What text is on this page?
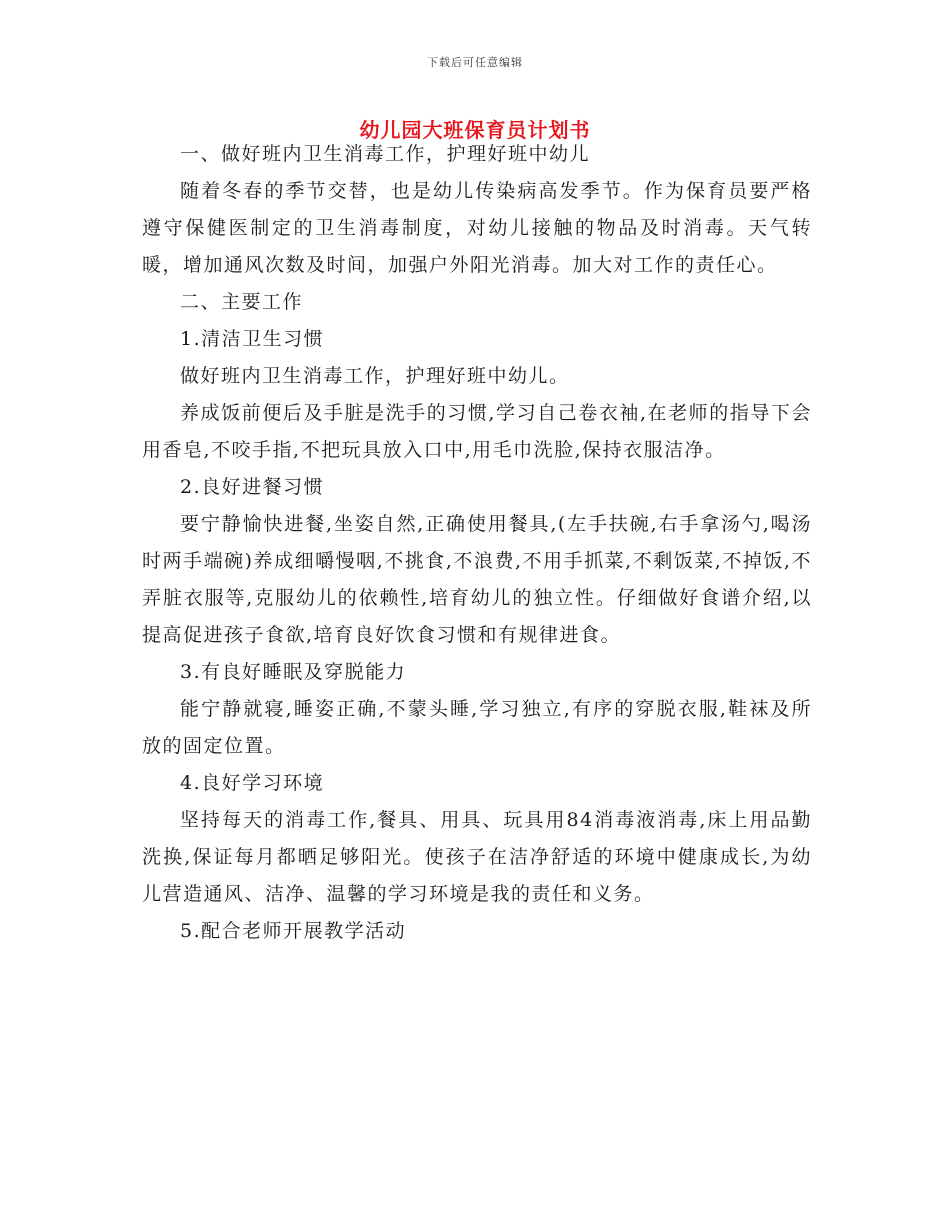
下载后可任意编辑
幼儿园大班保育员计划书

一、做好班内卫生消毒工作，护理好班中幼儿

随着冬春的季节交替，也是幼儿传染病高发季节。作为保育员要严格遵守保健医制定的卫生消毒制度，对幼儿接触的物品及时消毒。天气转暖，增加通风次数及时间，加强户外阳光消毒。加大对工作的责任心。

二、主要工作

1.清洁卫生习惯

做好班内卫生消毒工作，护理好班中幼儿。

养成饭前便后及手脏是洗手的习惯,学习自己卷衣袖,在老师的指导下会用香皂,不咬手指,不把玩具放入口中,用毛巾洗脸,保持衣服洁净。

2.良好进餐习惯

要宁静愉快进餐,坐姿自然,正确使用餐具,(左手扶碗,右手拿汤勺,喝汤时两手端碗)养成细嚼慢咽,不挑食,不浪费,不用手抓菜,不剩饭菜,不掉饭,不弄脏衣服等,克服幼儿的依赖性,培育幼儿的独立性。仔细做好食谱介绍,以提高促进孩子食欲,培育良好饮食习惯和有规律进食。

3.有良好睡眠及穿脱能力

能宁静就寝,睡姿正确,不蒙头睡,学习独立,有序的穿脱衣服,鞋袜及所放的固定位置。

4.良好学习环境

坚持每天的消毒工作,餐具、用具、玩具用84消毒液消毒,床上用品勤洗换,保证每月都晒足够阳光。使孩子在洁净舒适的环境中健康成长,为幼儿营造通风、洁净、温馨的学习环境是我的责任和义务。

5.配合老师开展教学活动
